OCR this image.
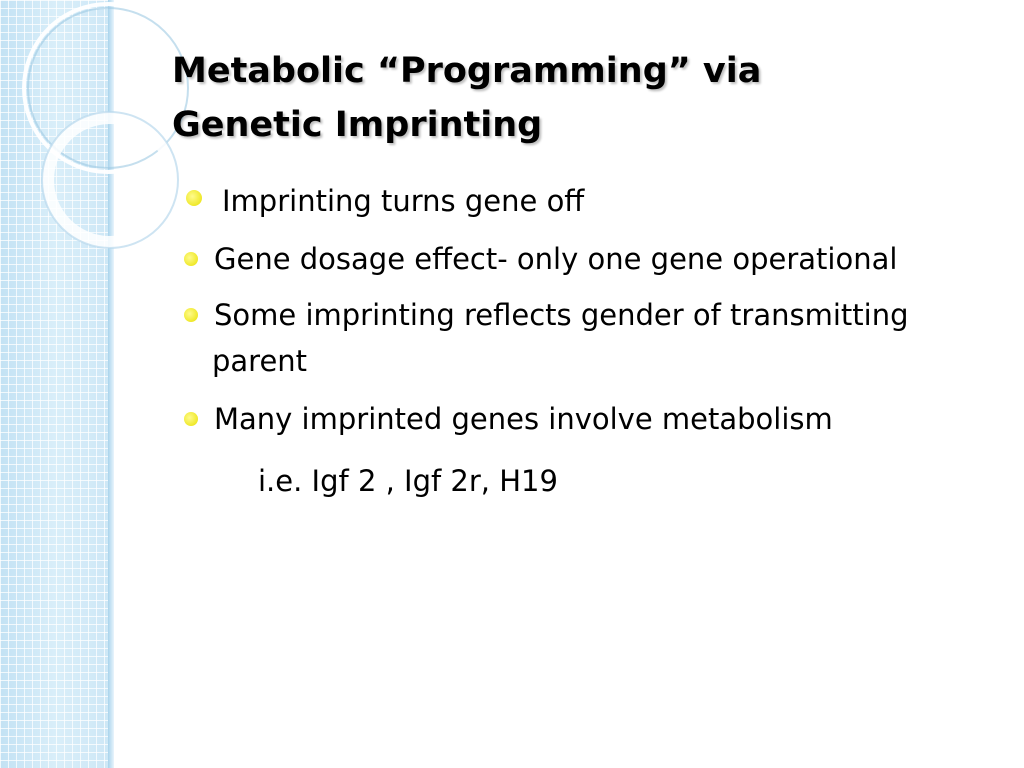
Metabolic “Programming” via
Genetic Imprinting
Imprinting turns gene off
Gene dosage effect- only one gene operational
Some imprinting reflects gender of transmitting
parent
Many imprinted genes involve metabolism
i.e. Igf 2 , Igf 2r, H19
